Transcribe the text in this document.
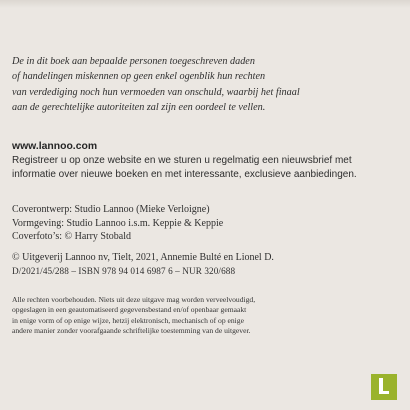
De in dit boek aan bepaalde personen toegeschreven daden
of handelingen miskennen op geen enkel ogenblik hun rechten
van verdediging noch hun vermoeden van onschuld, waarbij het finaal
aan de gerechtelijke autoriteiten zal zijn een oordeel te vellen.
www.lannoo.com
Registreer u op onze website en we sturen u regelmatig een nieuwsbrief met
informatie over nieuwe boeken en met interessante, exclusieve aanbiedingen.
Coverontwerp: Studio Lannoo (Mieke Verloigne)
Vormgeving: Studio Lannoo i.s.m. Keppie & Keppie
Coverfoto’s: © Harry Stobald
© Uitgeverij Lannoo nv, Tielt, 2021, Annemie Bulté en Lionel D.
D/2021/45/288 – ISBN 978 94 014 6987 6 – NUR 320/688
Alle rechten voorbehouden. Niets uit deze uitgave mag worden verveelvoudigd,
opgeslagen in een geautomatiseerd gegevensbestand en/of openbaar gemaakt
in enige vorm of op enige wijze, hetzij elektronisch, mechanisch of op enige
andere manier zonder voorafgaande schriftelijke toestemming van de uitgever.
